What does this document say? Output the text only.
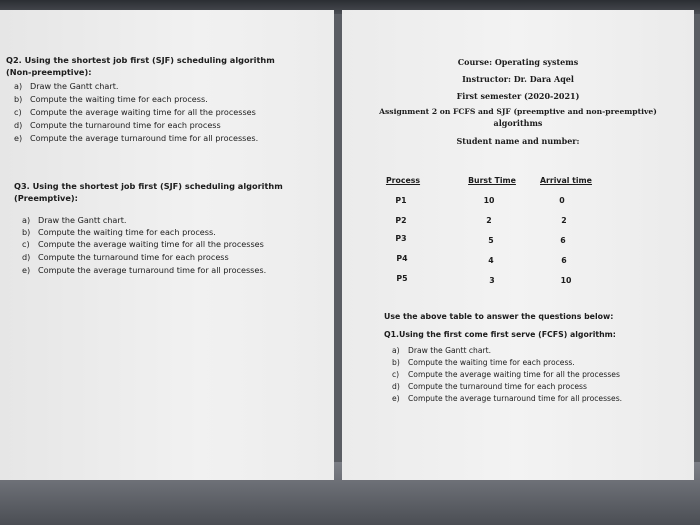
Q2. Using the shortest job first (SJF) scheduling algorithm
(Non-preemptive):
a) Draw the Gantt chart.
b) Compute the waiting time for each process.
c) Compute the average waiting time for all the processes
d) Compute the turnaround time for each process
e) Compute the average turnaround time for all processes.
Q3. Using the shortest job first (SJF) scheduling algorithm
(Preemptive):
a) Draw the Gantt chart.
b) Compute the waiting time for each process.
c) Compute the average waiting time for all the processes
d) Compute the turnaround time for each process
e) Compute the average turnaround time for all processes.
Course: Operating systems
Instructor: Dr. Dara Aqel
First semester (2020-2021)
Assignment 2 on FCFS and SJF (preemptive and non-preemptive)
algorithms
Student name and number:
Process	Burst Time	Arrival time
P1	10	0
P2	2	2
P3	5	6
P4	4	6
P5	3	10
Use the above table to answer the questions below:
Q1.Using the first come first serve (FCFS) algorithm:
a) Draw the Gantt chart.
b) Compute the waiting time for each process.
c) Compute the average waiting time for all the processes
d) Compute the turnaround time for each process
e) Compute the average turnaround time for all processes.
